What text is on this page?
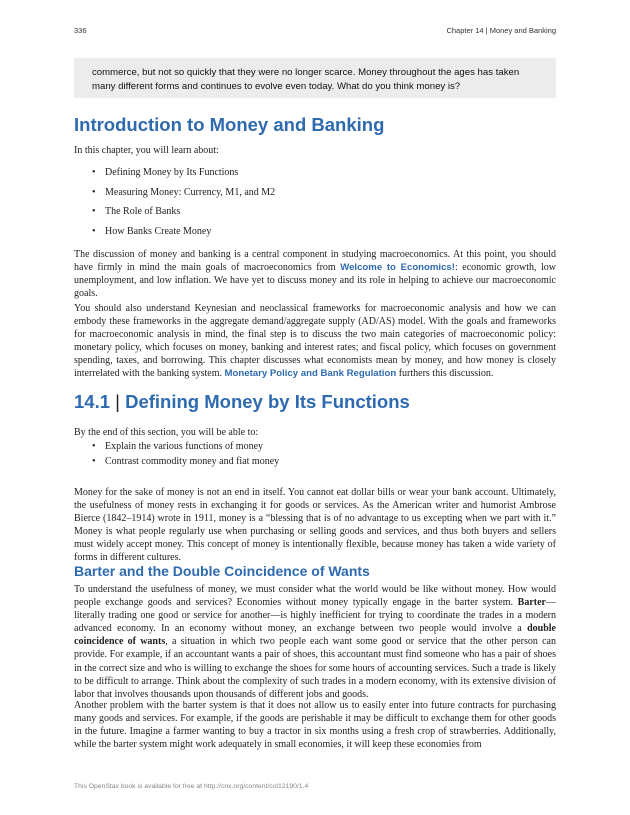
336	Chapter 14 | Money and Banking

commerce, but not so quickly that they were no longer scarce. Money throughout the ages has taken many different forms and continues to evolve even today. What do you think money is?

Introduction to Money and Banking

In this chapter, you will learn about:

• Defining Money by Its Functions
• Measuring Money: Currency, M1, and M2
• The Role of Banks
• How Banks Create Money

The discussion of money and banking is a central component in studying macroeconomics. At this point, you should have firmly in mind the main goals of macroeconomics from Welcome to Economics!: economic growth, low unemployment, and low inflation. We have yet to discuss money and its role in helping to achieve our macroeconomic goals.

You should also understand Keynesian and neoclassical frameworks for macroeconomic analysis and how we can embody these frameworks in the aggregate demand/aggregate supply (AD/AS) model. With the goals and frameworks for macroeconomic analysis in mind, the final step is to discuss the two main categories of macroeconomic policy: monetary policy, which focuses on money, banking and interest rates; and fiscal policy, which focuses on government spending, taxes, and borrowing. This chapter discusses what economists mean by money, and how money is closely interrelated with the banking system. Monetary Policy and Bank Regulation furthers this discussion.

14.1 | Defining Money by Its Functions

By the end of this section, you will be able to:

• Explain the various functions of money
• Contrast commodity money and fiat money

Money for the sake of money is not an end in itself. You cannot eat dollar bills or wear your bank account. Ultimately, the usefulness of money rests in exchanging it for goods or services. As the American writer and humorist Ambrose Bierce (1842–1914) wrote in 1911, money is a “blessing that is of no advantage to us excepting when we part with it.” Money is what people regularly use when purchasing or selling goods and services, and thus both buyers and sellers must widely accept money. This concept of money is intentionally flexible, because money has taken a wide variety of forms in different cultures.

Barter and the Double Coincidence of Wants

To understand the usefulness of money, we must consider what the world would be like without money. How would people exchange goods and services? Economies without money typically engage in the barter system. Barter—literally trading one good or service for another—is highly inefficient for trying to coordinate the trades in a modern advanced economy. In an economy without money, an exchange between two people would involve a double coincidence of wants, a situation in which two people each want some good or service that the other person can provide. For example, if an accountant wants a pair of shoes, this accountant must find someone who has a pair of shoes in the correct size and who is willing to exchange the shoes for some hours of accounting services. Such a trade is likely to be difficult to arrange. Think about the complexity of such trades in a modern economy, with its extensive division of labor that involves thousands upon thousands of different jobs and goods.

Another problem with the barter system is that it does not allow us to easily enter into future contracts for purchasing many goods and services. For example, if the goods are perishable it may be difficult to exchange them for other goods in the future. Imagine a farmer wanting to buy a tractor in six months using a fresh crop of strawberries. Additionally, while the barter system might work adequately in small economies, it will keep these economies from

This OpenStax book is available for free at http://cnx.org/content/col12190/1.4
